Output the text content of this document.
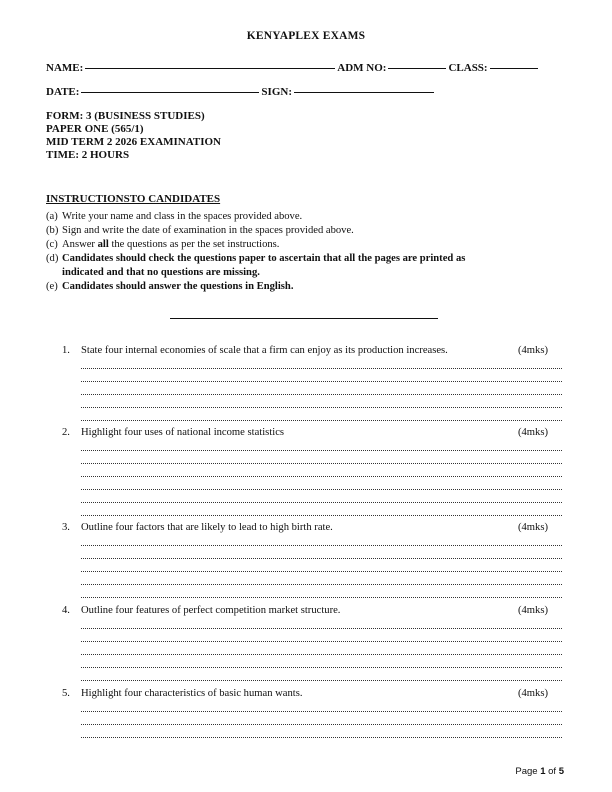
KENYAPLEX EXAMS
NAME:	ADM NO:	CLASS:
DATE:	SIGN:
FORM: 3 (BUSINESS STUDIES)
PAPER ONE (565/1)
MID TERM 2 2026 EXAMINATION
TIME: 2 HOURS
INSTRUCTIONSTO CANDIDATES
(a) Write your name and class in the spaces provided above.
(b) Sign and write the date of examination in the spaces provided above.
(c) Answer all the questions as per the set instructions.
(d) Candidates should check the questions paper to ascertain that all the pages are printed as
indicated and that no questions are missing.
(e) Candidates should answer the questions in English.
1.	State four internal economies of scale that a firm can enjoy as its production increases.	(4mks)
2.	Highlight four uses of national income statistics	(4mks)
3.	Outline four factors that are likely to lead to high birth rate.	(4mks)
4.	Outline four features of perfect competition market structure.	(4mks)
5.	Highlight four characteristics of basic human wants.	(4mks)
Page 1 of 5
